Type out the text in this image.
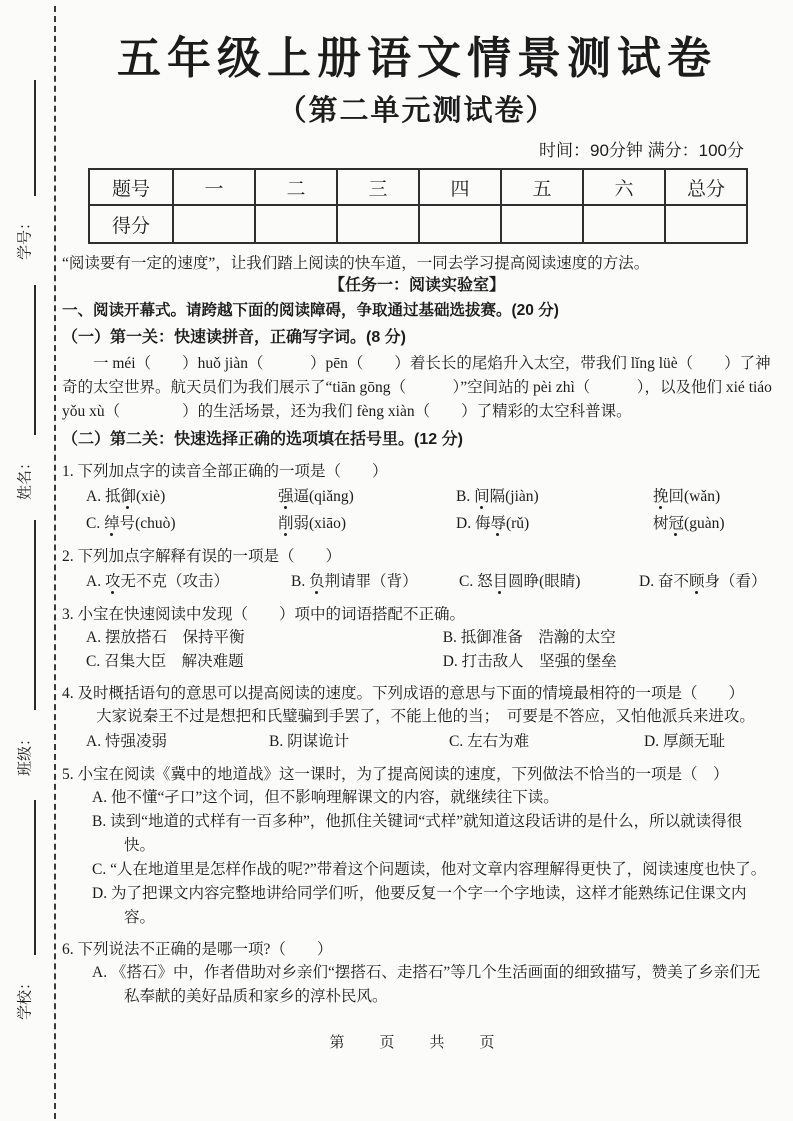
学号：
姓名：
班级：
学校：
五年级上册语文情景测试卷
（第二单元测试卷）
时间：90分钟 满分：100分
题号	一	二	三	四	五	六	总分
得分							
“阅读要有一定的速度”，让我们踏上阅读的快车道，一同去学习提高阅读速度的方法。
【任务一：阅读实验室】
一、阅读开幕式。请跨越下面的阅读障碍，争取通过基础选拔赛。(20 分)
（一）第一关：快速读拼音，正确写字词。(8 分)
一 méi（　　）huǒ jiàn（　　　）pēn（　　）着长长的尾焰升入太空，带我们 lǐng lüè（　　）了神奇的太空世界。航天员们为我们展示了“tiān gōng（　　　）”空间站的 pèi zhì（　　　），以及他们 xié tiáo yǒu xù（　　　　）的生活场景，还为我们 fèng xiàn（　　）了精彩的太空科普课。
（二）第二关：快速选择正确的选项填在括号里。(12 分)
1. 下列加点字的读音全部正确的一项是（　　）
A. 抵御(xiè)	强逼(qiǎng)	B. 间隔(jiàn)	挽回(wǎn)
C. 绰号(chuò)	削弱(xiāo)	D. 侮辱(rǔ)	树冠(guàn)
2. 下列加点字解释有误的一项是（　　）
A. 攻无不克（攻击）	B. 负荆请罪（背）	C. 怒目圆睁(眼睛)	D. 奋不顾身（看）
3. 小宝在快速阅读中发现（　　）项中的词语搭配不正确。
A. 摆放搭石　保持平衡	B. 抵御准备　浩瀚的太空
C. 召集大臣　解决难题	D. 打击敌人　坚强的堡垒
4. 及时概括语句的意思可以提高阅读的速度。下列成语的意思与下面的情境最相符的一项是（　　）
大家说秦王不过是想把和氏璧骗到手罢了，不能上他的当；　可要是不答应，又怕他派兵来进攻。
A. 恃强凌弱	B. 阴谋诡计	C. 左右为难	D. 厚颜无耻
5. 小宝在阅读《冀中的地道战》这一课时，为了提高阅读的速度，下列做法不恰当的一项是（　）
A. 他不懂“孑口”这个词，但不影响理解课文的内容，就继续往下读。
B. 读到“地道的式样有一百多种”，他抓住关键词“式样”就知道这段话讲的是什么，所以就读得很快。
C. “人在地道里是怎样作战的呢?”带着这个问题读，他对文章内容理解得更快了，阅读速度也快了。
D. 为了把课文内容完整地讲给同学们听，他要反复一个字一个字地读，这样才能熟练记住课文内容。
6. 下列说法不正确的是哪一项?（　　）
A. 《搭石》中，作者借助对乡亲们“摆搭石、走搭石”等几个生活画面的细致描写，赞美了乡亲们无私奉献的美好品质和家乡的淳朴民风。
第　页　共　页
